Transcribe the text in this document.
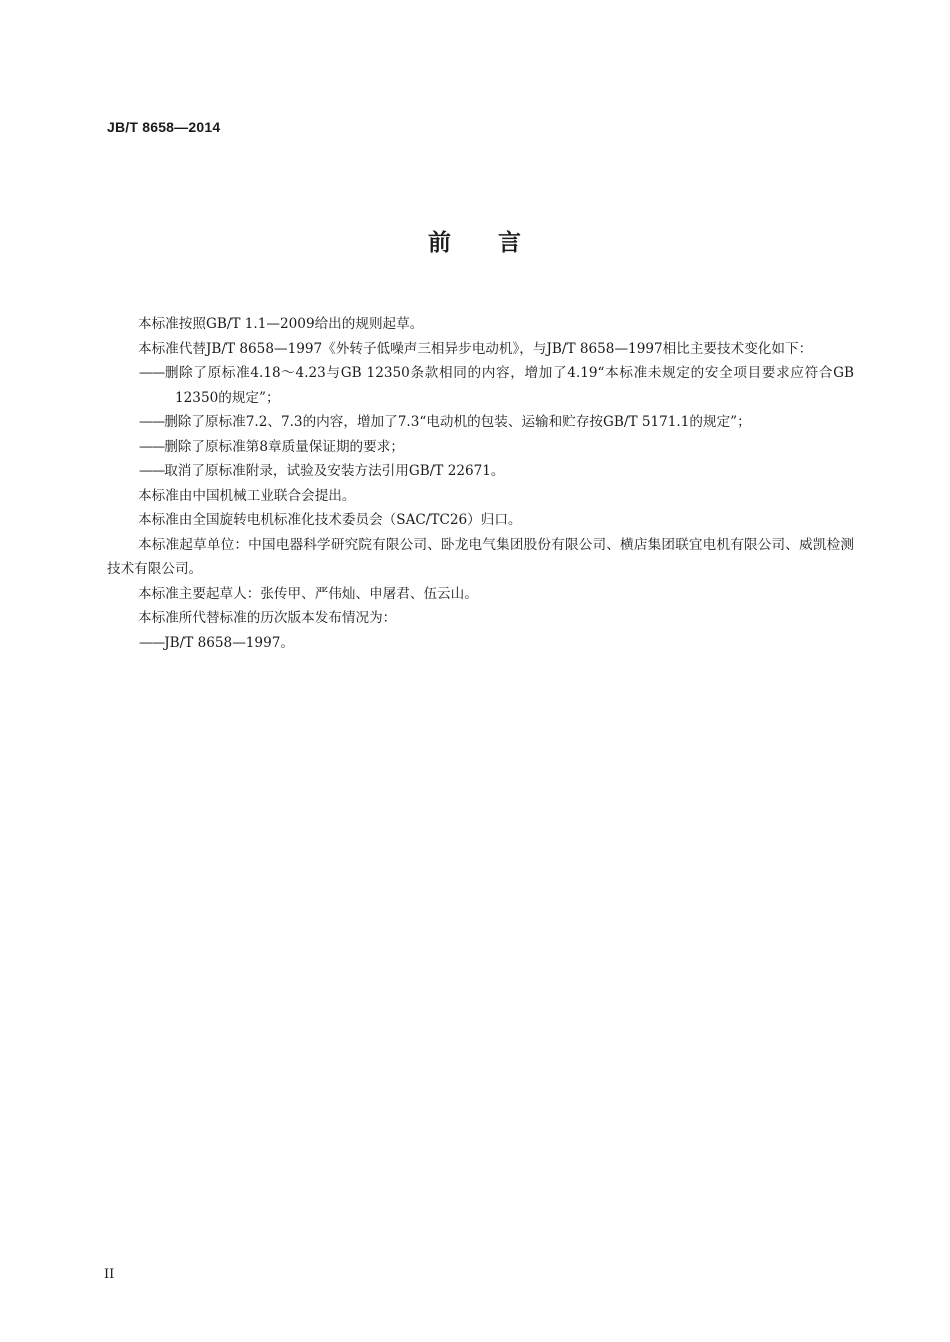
JB/T 8658—2014
前 言

本标准按照GB/T 1.1—2009给出的规则起草。

本标准代替JB/T 8658—1997《外转子低噪声三相异步电动机》，与JB/T 8658—1997相比主要技术变化如下：

——删除了原标准4.18～4.23与GB 12350条款相同的内容，增加了4.19“本标准未规定的安全项目要求应符合GB 12350的规定”；

——删除了原标准7.2、7.3的内容，增加了7.3“电动机的包装、运输和贮存按GB/T 5171.1的规定”；

——删除了原标准第8章质量保证期的要求；

——取消了原标准附录，试验及安装方法引用GB/T 22671。

本标准由中国机械工业联合会提出。

本标准由全国旋转电机标准化技术委员会（SAC/TC26）归口。

本标准起草单位：中国电器科学研究院有限公司、卧龙电气集团股份有限公司、横店集团联宜电机有限公司、威凯检测技术有限公司。

本标准主要起草人：张传甲、严伟灿、申屠君、伍云山。

本标准所代替标准的历次版本发布情况为：

——JB/T 8658—1997。

II
